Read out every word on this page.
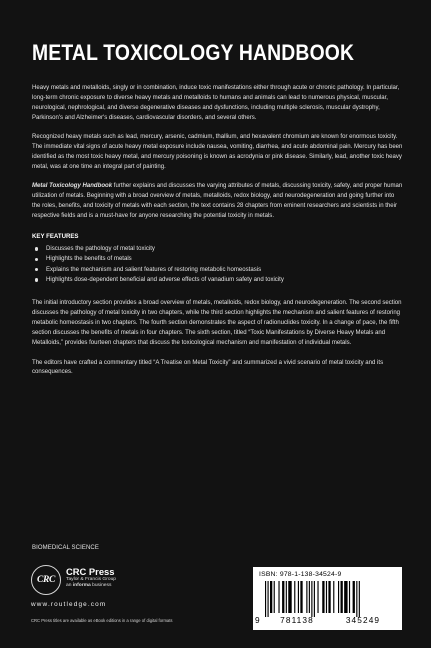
METAL TOXICOLOGY HANDBOOK

Heavy metals and metalloids, singly or in combination, induce toxic manifestations either through acute or chronic pathology. In particular, long-term chronic exposure to diverse heavy metals and metalloids to humans and animals can lead to numerous physical, muscular, neurological, nephrological, and diverse degenerative diseases and dysfunctions, including multiple sclerosis, muscular dystrophy, Parkinson's and Alzheimer's diseases, cardiovascular disorders, and several others.

Recognized heavy metals such as lead, mercury, arsenic, cadmium, thallium, and hexavalent chromium are known for enormous toxicity. The immediate vital signs of acute heavy metal exposure include nausea, vomiting, diarrhea, and acute abdominal pain. Mercury has been identified as the most toxic heavy metal, and mercury poisoning is known as acrodynia or pink disease. Similarly, lead, another toxic heavy metal, was at one time an integral part of painting.

Metal Toxicology Handbook further explains and discusses the varying attributes of metals, discussing toxicity, safety, and proper human utilization of metals. Beginning with a broad overview of metals, metalloids, redox biology, and neurodegeneration and going further into the roles, benefits, and toxicity of metals with each section, the text contains 28 chapters from eminent researchers and scientists in their respective fields and is a must-have for anyone researching the potential toxicity in metals.

KEY FEATURES
Discusses the pathology of metal toxicity
Highlights the benefits of metals
Explains the mechanism and salient features of restoring metabolic homeostasis
Highlights dose-dependent beneficial and adverse effects of vanadium safety and toxicity

The initial introductory section provides a broad overview of metals, metalloids, redox biology, and neurodegeneration. The second section discusses the pathology of metal toxicity in two chapters, while the third section highlights the mechanism and salient features of restoring metabolic homeostasis in two chapters. The fourth section demonstrates the aspect of radionuclides toxicity. In a change of pace, the fifth section discusses the benefits of metals in four chapters. The sixth section, titled “Toxic Manifestations by Diverse Heavy Metals and Metalloids,” provides fourteen chapters that discuss the toxicological mechanism and manifestation of individual metals.

The editors have crafted a commentary titled “A Treatise on Metal Toxicity” and summarized a vivid scenario of metal toxicity and its consequences.

BIOMEDICAL SCIENCE
CRC
CRC Press
Taylor & Francis Group
an informa business
www.routledge.com
CRC Press titles are available as eBook editions in a range of digital formats
ISBN: 978-1-138-34524-9
9	781138	345249
